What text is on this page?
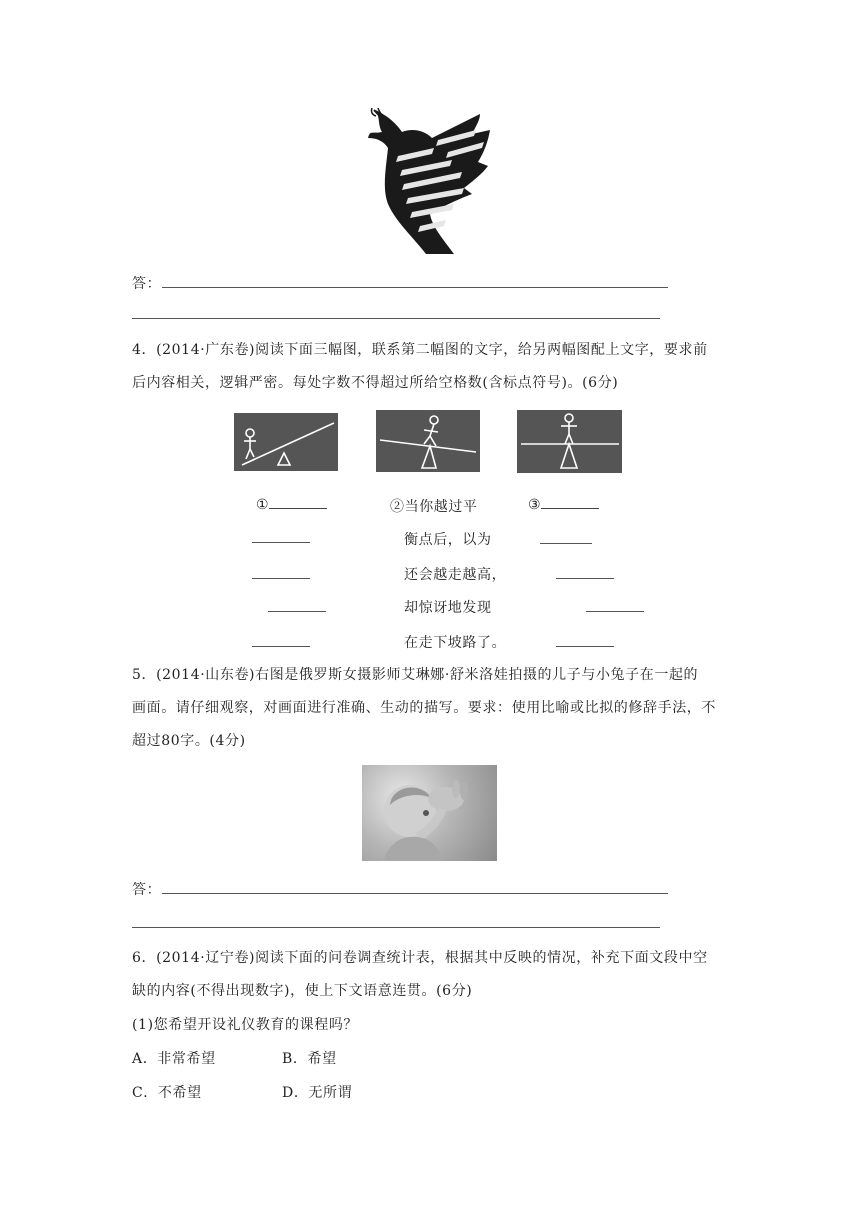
答：
4．(2014·广东卷)阅读下面三幅图，联系第二幅图的文字，给另两幅图配上文字，要求前
后内容相关，逻辑严密。每处字数不得超过所给空格数(含标点符号)。(6分)
①	②当你越过平
衡点后，以为
还会越走越高，
却惊讶地发现
在走下坡路了。
③
5．(2014·山东卷)右图是俄罗斯女摄影师艾琳娜·舒米洛娃拍摄的儿子与小兔子在一起的
画面。请仔细观察，对画面进行准确、生动的描写。要求：使用比喻或比拟的修辞手法，不
超过80字。(4分)
答：
6．(2014·辽宁卷)阅读下面的问卷调查统计表，根据其中反映的情况，补充下面文段中空
缺的内容(不得出现数字)，使上下文语意连贯。(6分)
(1)您希望开设礼仪教育的课程吗？
A．非常希望	B．希望
C．不希望	D．无所谓
